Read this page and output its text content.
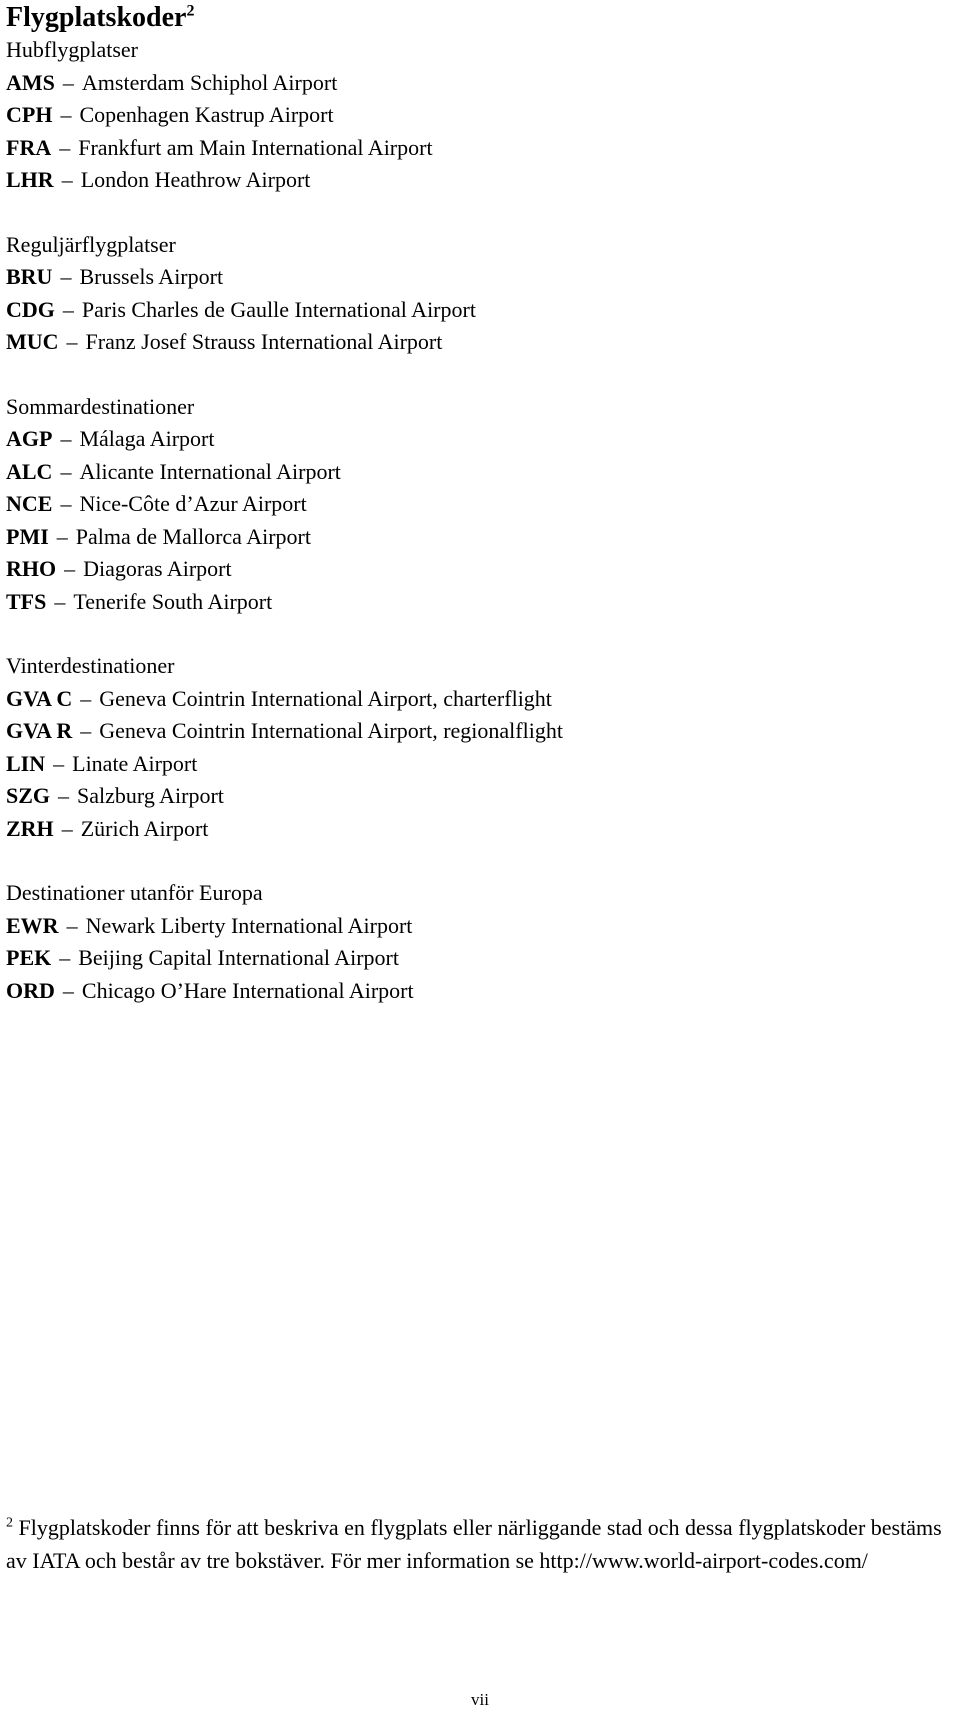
Flygplatskoder$^2$
Hubflygplatser
AMS – Amsterdam Schiphol Airport
CPH – Copenhagen Kastrup Airport
FRA – Frankfurt am Main International Airport
LHR – London Heathrow Airport
Reguljärflygplatser
BRU – Brussels Airport
CDG – Paris Charles de Gaulle International Airport
MUC – Franz Josef Strauss International Airport
Sommardestinationer
AGP – Málaga Airport
ALC – Alicante International Airport
NCE – Nice-Côte d’Azur Airport
PMI – Palma de Mallorca Airport
RHO – Diagoras Airport
TFS – Tenerife South Airport
Vinterdestinationer
GVA C – Geneva Cointrin International Airport, charterflight
GVA R – Geneva Cointrin International Airport, regionalflight
LIN – Linate Airport
SZG – Salzburg Airport
ZRH – Zürich Airport
Destinationer utanför Europa
EWR – Newark Liberty International Airport
PEK – Beijing Capital International Airport
ORD – Chicago O’Hare International Airport
$^2$ Flygplatskoder finns för att beskriva en flygplats eller närliggande stad och dessa flygplatskoder bestäms av IATA och består av tre bokstäver. För mer information se http://www.world-airport-codes.com/
vii
